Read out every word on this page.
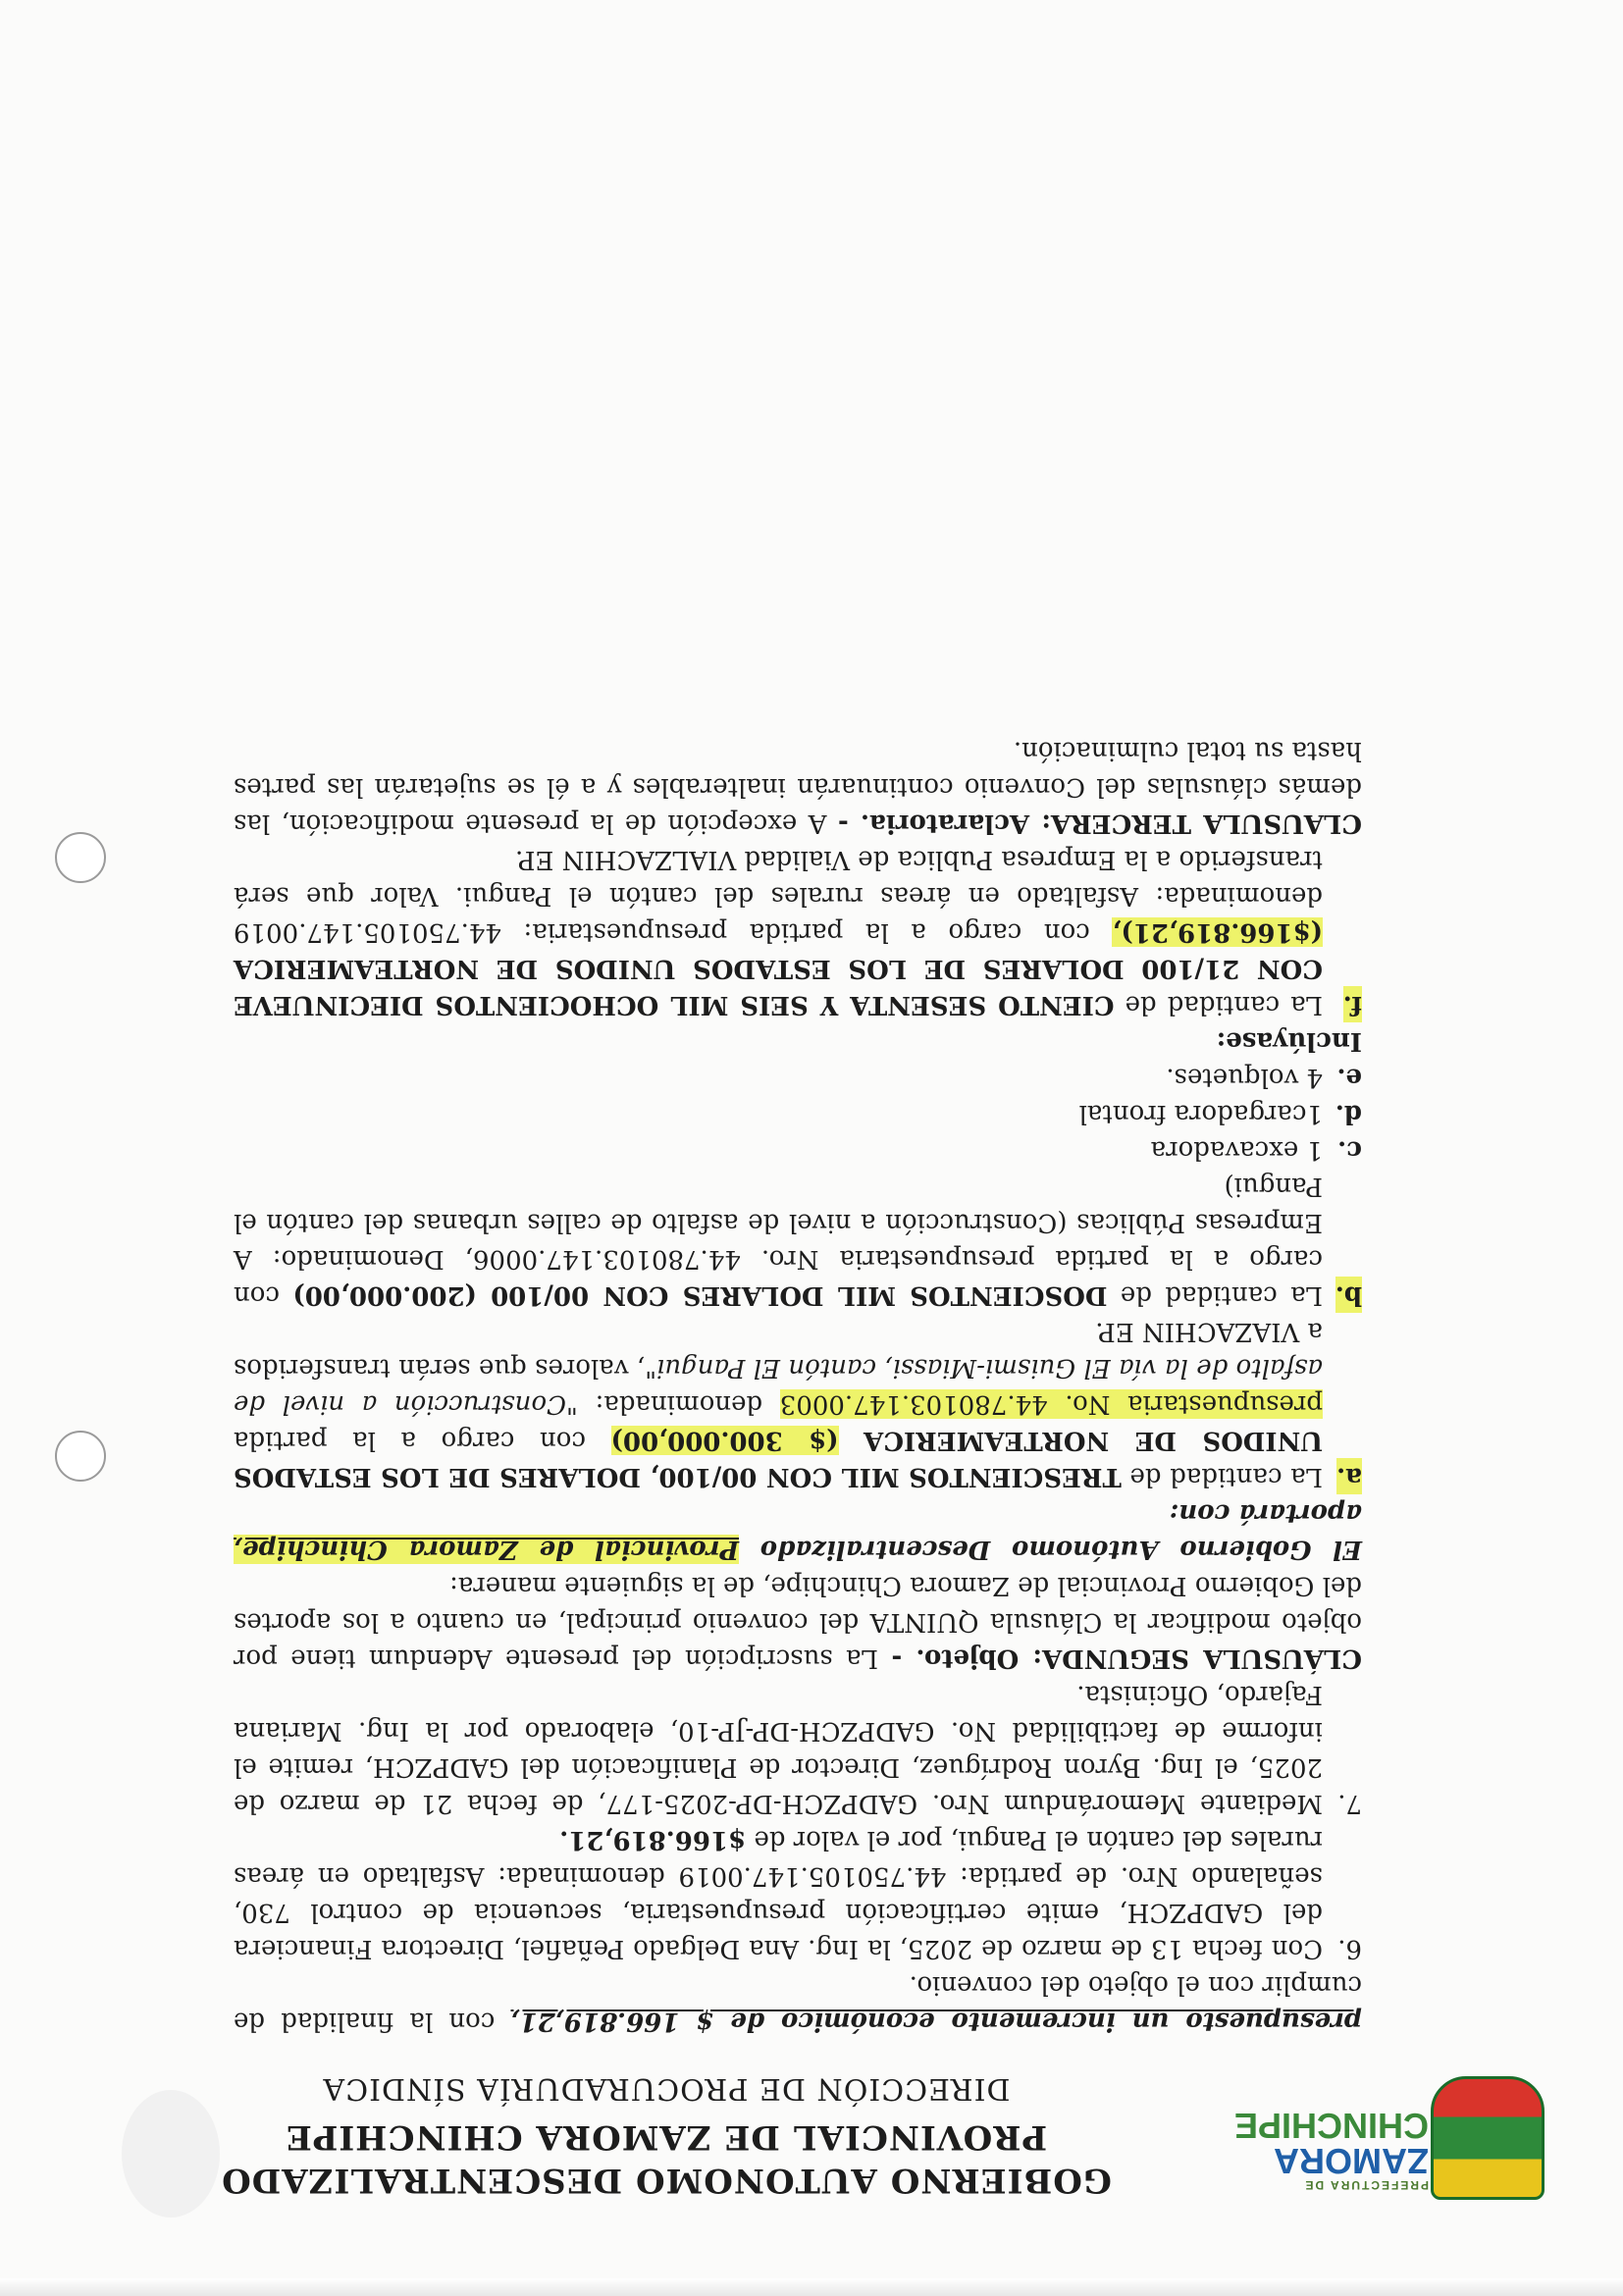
PREFECTURA DE
ZAMORA
CHINCHIPE
GOBIERNO AUTONOMO DESCENTRALIZADO
PROVINCIAL DE ZAMORA CHINCHIPE
DIRECCIÓN DE PROCURADURÍA SÍNDICA

presupuesto un incremento económico de $ 166.819,21, con la finalidad de cumplir con el objeto del convenio.

6.
Con fecha 13 de marzo de 2025, la Ing. Ana Delgado Peñafiel, Directora Financiera del GADPZCH, emite certificación presupuestaria, secuencia de control 730, señalando Nro. de partida: 44.750105.147.0019 denominada: Asfaltado en áreas rurales del cantón el Pangui, por el valor de $166.819,21.

7.
Mediante Memorándum Nro. GADPZCH-DP-2025-177, de fecha 21 de marzo de 2025, el Ing. Byron Rodríguez, Director de Planificación del GADPZCH, remite el informe de factibilidad No. GADPZCH-DP-JP-10, elaborado por la Ing. Mariana Fajardo, Oficinista.

CLÁUSULA SEGUNDA: Objeto. - La suscripción del presente Adendum tiene por objeto modificar la Cláusula QUINTA del convenio principal, en cuanto a los aportes del Gobierno Provincial de Zamora Chinchipe, de la siguiente manera:

El Gobierno Autónomo Descentralizado Provincial de Zamora Chinchipe, aportará con:

a.
La cantidad de TRESCIENTOS MIL CON 00/100, DOLARES DE LOS ESTADOS UNIDOS DE NORTEAMERICA ($ 300.000,00) con cargo a la partida presupuestaria No. 44.780103.147.0003 denominada: "Construcción a nivel de asfalto de la vía El Guismi-Miassi, cantón El Pangui", valores que serán transferidos a VIAZACHIN EP.

b.
La cantidad de DOSCIENTOS MIL DOLARES CON 00/100 (200.000,00) con cargo a la partida presupuestaria Nro. 44.780103.147.0006, Denominado: A Empresas Públicas (Construcción a nivel de asfalto de calles urbanas del cantón el Pangui)

c.
1 excavadora

d.
1cargadora frontal

e.
4 volquetes.

Inclúyase:

f.
La cantidad de CIENTO SESENTA Y SEIS MIL OCHOCIENTOS DIECINUEVE CON 21/100 DOLARES DE LOS ESTADOS UNIDOS DE NORTEAMERICA ($166.819,21), con cargo a la partida presupuestaria: 44.750105.147.0019 denominada: Asfaltado en áreas rurales del cantón el Pangui. Valor que será transferido a la Empresa Publica de Vialidad VIALZACHIN EP.

CLAUSULA TERCERA: Aclaratoria. - A excepción de la presente modificación, las demás cláusulas del Convenio continuarán inalterables y a él se sujetarán las partes hasta su total culminación.
